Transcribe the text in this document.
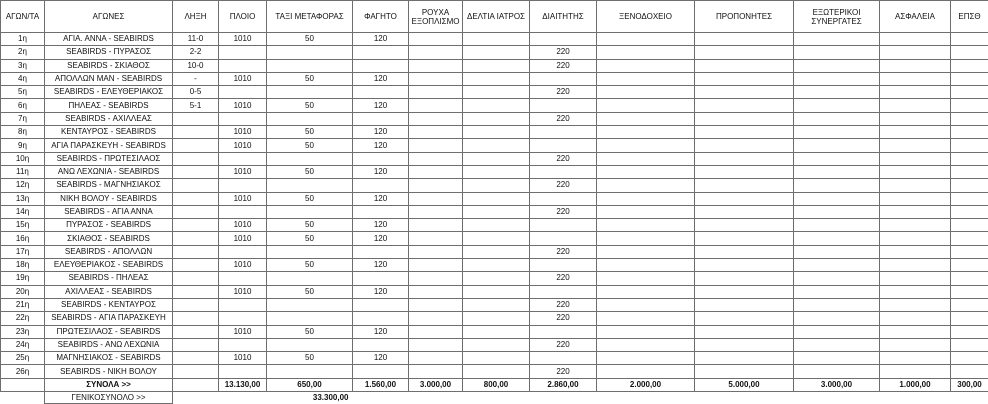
ΑΓΩΝ/ΤΑ	ΑΓΩΝΕΣ	ΛΗΞΗ	ΠΛΟΙΟ	ΤΑΞΙ ΜΕΤΑΦΟΡΑΣ	ΦΑΓΗΤΟ	ΡΟΥΧΑ ΕΞΟΠΛΙΣΜΟ	ΔΕΛΤΙΑ ΙΑΤΡΟΣ	ΔΙΑΙΤΗΤΗΣ	ΞΕΝΟΔΟΧΕΙΟ	ΠΡΟΠΟΝΗΤΕΣ	ΕΞΩΤΕΡΙΚΟΙ ΣΥΝΕΡΓΑΤΕΣ	ΑΣΦΑΛΕΙΑ	ΕΠΣΘ
1η	ΑΓΙΑ. ΑΝΝΑ - SEABIRDS	11-0	1010	50	120								
2η	SEABIRDS - ΠΥΡΑΣΟΣ	2-2						220					
3η	SEABIRDS - ΣΚΙΑΘΟΣ	10-0						220					
4η	ΑΠΟΛΛΩΝ ΜΑΝ - SEABIRDS	-	1010	50	120								
5η	SEABIRDS - ΕΛΕΥΘΕΡΙΑΚΟΣ	0-5						220					
6η	ΠΗΛΕΑΣ - SEABIRDS	5-1	1010	50	120								
7η	SEABIRDS - ΑΧΙΛΛΕΑΣ							220					
8η	ΚΕΝΤΑΥΡΟΣ - SEABIRDS		1010	50	120								
9η	ΑΓΙΑ ΠΑΡΑΣΚΕΥΗ - SEABIRDS		1010	50	120								
10η	SEABIRDS - ΠΡΩΤΕΣΙΛΑΟΣ							220					
11η	ΑΝΩ ΛΕΧΩΝΙΑ - SEABIRDS		1010	50	120								
12η	SEABIRDS - ΜΑΓΝΗΣΙΑΚΟΣ							220					
13η	ΝΙΚΗ ΒΟΛΟΥ - SEABIRDS		1010	50	120								
14η	SEABIRDS - ΑΓΙΑ ΑΝΝΑ							220					
15η	ΠΥΡΑΣΟΣ - SEABIRDS		1010	50	120								
16η	ΣΚΙΑΘΟΣ - SEABIRDS		1010	50	120								
17η	SEABIRDS - ΑΠΟΛΛΩΝ							220					
18η	ΕΛΕΥΘΕΡΙΑΚΟΣ - SEABIRDS		1010	50	120								
19η	SEABIRDS - ΠΗΛΕΑΣ							220					
20η	ΑΧΙΛΛΕΑΣ - SEABIRDS		1010	50	120								
21η	SEABIRDS - ΚΕΝΤΑΥΡΟΣ							220					
22η	SEABIRDS - ΑΓΙΑ ΠΑΡΑΣΚΕΥΗ							220					
23η	ΠΡΩΤΕΣΙΛΑΟΣ - SEABIRDS		1010	50	120								
24η	SEABIRDS - ΑΝΩ ΛΕΧΩΝΙΑ							220					
25η	ΜΑΓΝΗΣΙΑΚΟΣ - SEABIRDS		1010	50	120								
26η	SEABIRDS - ΝΙΚΗ ΒΟΛΟΥ							220					
	ΣΥΝΟΛΑ >>		13.130,00	650,00	1.560,00	3.000,00	800,00	2.860,00	2.000,00	5.000,00	3.000,00	1.000,00	300,00
	ΓΕΝΙΚΟΣΥΝΟΛΟ >>	33.300,00											
